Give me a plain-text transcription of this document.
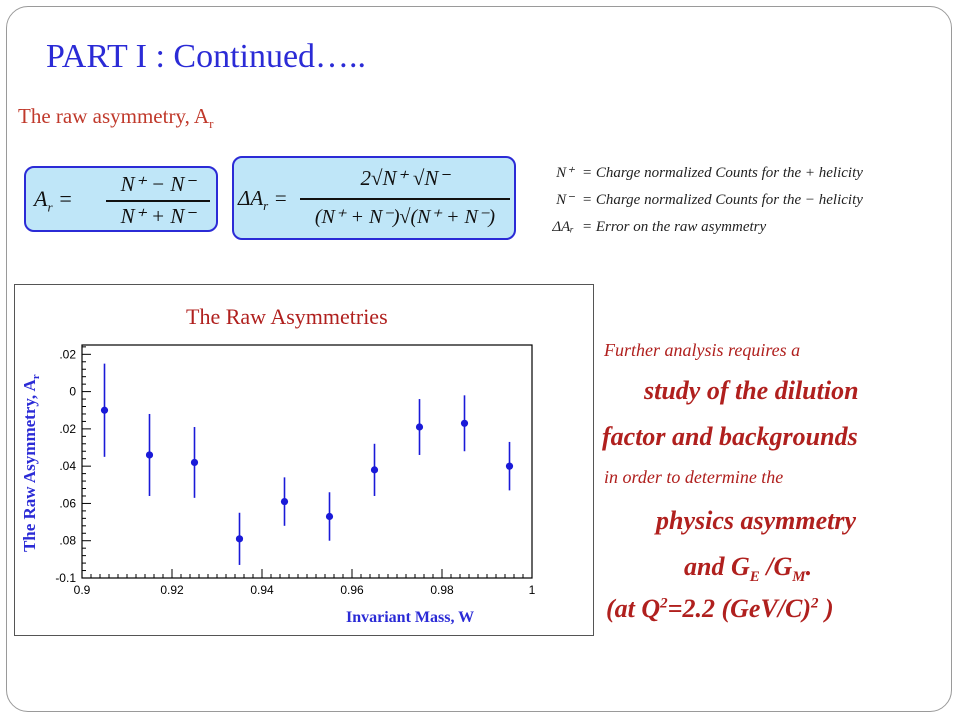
PART I : Continued…..
The raw asymmetry, $A_r$
$A_r$ =
N⁺ − N⁻
N⁺ + N⁻
$\Delta A_r$ =
2√N⁺ √N⁻
(N⁺ + N⁻)√(N⁺ + N⁻)
N⁺ = Charge normalized Counts for the + helicity
N⁻ = Charge normalized Counts for the − helicity
ΔAᵣ = Error on the raw asymmetry
0.9	0.92	0.94	0.96	0.98	1
.02
0
.02
.04
.06
.08
-0.1
The Raw Asymmetries
Invariant Mass, W
The Raw Asymmetry, $A_r$
Further analysis requires a
study of the dilution
factor and backgrounds
in order to determine the
physics asymmetry
and $G_E$ $/G_M$.
(at $Q^2=2.2$ $(GeV/C)^2$ )
